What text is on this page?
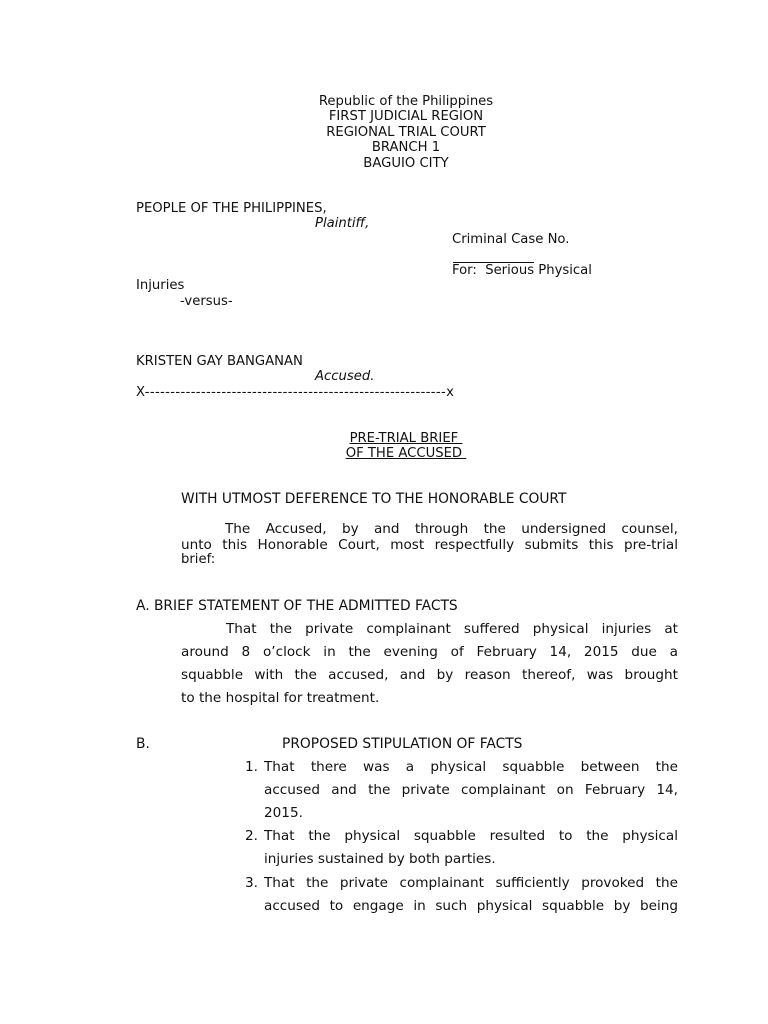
Republic of the Philippines
FIRST JUDICIAL REGION
REGIONAL TRIAL COURT
BRANCH 1
BAGUIO CITY
PEOPLE OF THE PHILIPPINES,
Plaintiff,
Criminal Case No.
For:  Serious Physical
Injuries
-versus-
KRISTEN GAY BANGANAN
Accused.
X-----------------------------------------------------------x
PRE-TRIAL BRIEF
OF THE ACCUSED
WITH UTMOST DEFERENCE TO THE HONORABLE COURT
The Accused, by and through the undersigned counsel,
unto this Honorable Court, most respectfully submits this pre-trial
brief:
A. BRIEF STATEMENT OF THE ADMITTED FACTS
That the private complainant suffered physical injuries at
around 8 o’clock in the evening of February 14, 2015 due a
squabble with the accused, and by reason thereof, was brought
to the hospital for treatment.
B.	PROPOSED STIPULATION OF FACTS
1. That there was a physical squabble between the
accused and the private complainant on February 14,
2015.
2. That the physical squabble resulted to the physical
injuries sustained by both parties.
3. That the private complainant sufficiently provoked the
accused to engage in such physical squabble by being
